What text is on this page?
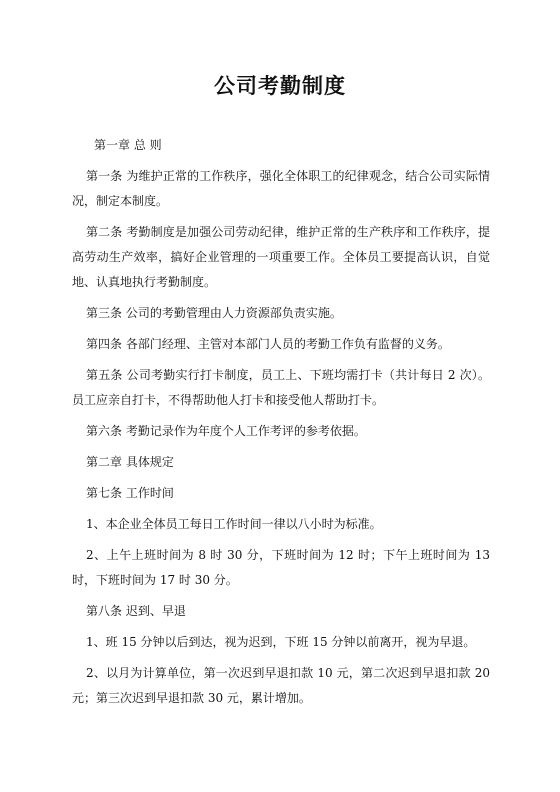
公司考勤制度

第一章 总 则

第一条 为维护正常的工作秩序，强化全体职工的纪律观念，结合公司实际情况，制定本制度。

第二条 考勤制度是加强公司劳动纪律，维护正常的生产秩序和工作秩序，提高劳动生产效率，搞好企业管理的一项重要工作。全体员工要提高认识，自觉地、认真地执行考勤制度。

第三条 公司的考勤管理由人力资源部负责实施。

第四条 各部门经理、主管对本部门人员的考勤工作负有监督的义务。

第五条 公司考勤实行打卡制度，员工上、下班均需打卡（共计每日 2 次）。员工应亲自打卡，不得帮助他人打卡和接受他人帮助打卡。

第六条 考勤记录作为年度个人工作考评的参考依据。

第二章 具体规定

第七条 工作时间

1、本企业全体员工每日工作时间一律以八小时为标准。

2、上午上班时间为 8 时 30 分，下班时间为 12 时；下午上班时间为 13 时，下班时间为 17 时 30 分。

第八条 迟到、早退

1、班 15 分钟以后到达，视为迟到，下班 15 分钟以前离开，视为早退。

2、以月为计算单位，第一次迟到早退扣款 10 元，第二次迟到早退扣款 20 元；第三次迟到早退扣款 30 元，累计增加。
